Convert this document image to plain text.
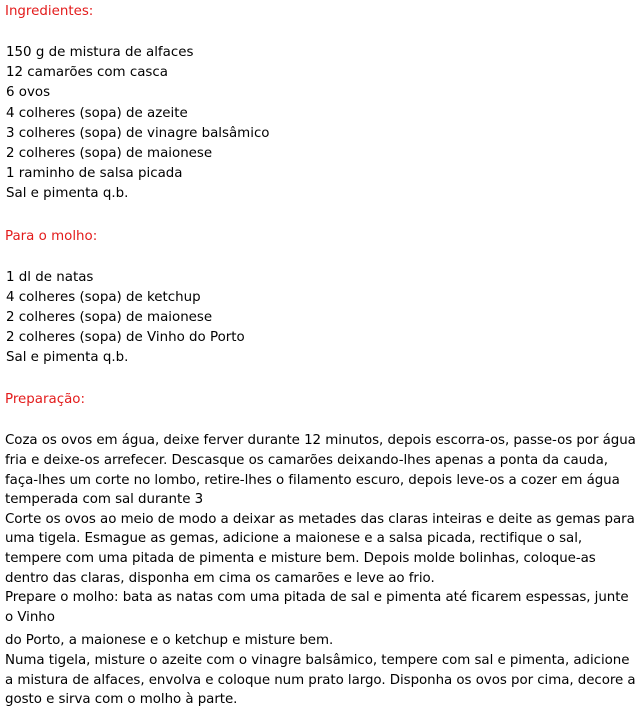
Ingredientes:
150 g de mistura de alfaces
12 camarões com casca
6 ovos
4 colheres (sopa) de azeite
3 colheres (sopa) de vinagre balsâmico
2 colheres (sopa) de maionese
1 raminho de salsa picada
Sal e pimenta q.b.
Para o molho:
1 dl de natas
4 colheres (sopa) de ketchup
2 colheres (sopa) de maionese
2 colheres (sopa) de Vinho do Porto
Sal e pimenta q.b.
Preparação:

Coza os ovos em água, deixe ferver durante 12 minutos, depois escorra-os, passe-os por água fria e deixe-os arrefecer. Descasque os camarões deixando-lhes apenas a ponta da cauda, faça-lhes um corte no lombo, retire-lhes o filamento escuro, depois leve-os a cozer em água temperada com sal durante 3

Corte os ovos ao meio de modo a deixar as metades das claras inteiras e deite as gemas para uma tigela. Esmague as gemas, adicione a maionese e a salsa picada, rectifique o sal, tempere com uma pitada de pimenta e misture bem. Depois molde bolinhas, coloque-as dentro das claras, disponha em cima os camarões e leve ao frio.

Prepare o molho: bata as natas com uma pitada de sal e pimenta até ficarem espessas, junte o Vinho

do Porto, a maionese e o ketchup e misture bem.

Numa tigela, misture o azeite com o vinagre balsâmico, tempere com sal e pimenta, adicione a mistura de alfaces, envolva e coloque num prato largo. Disponha os ovos por cima, decore a gosto e sirva com o molho à parte.
